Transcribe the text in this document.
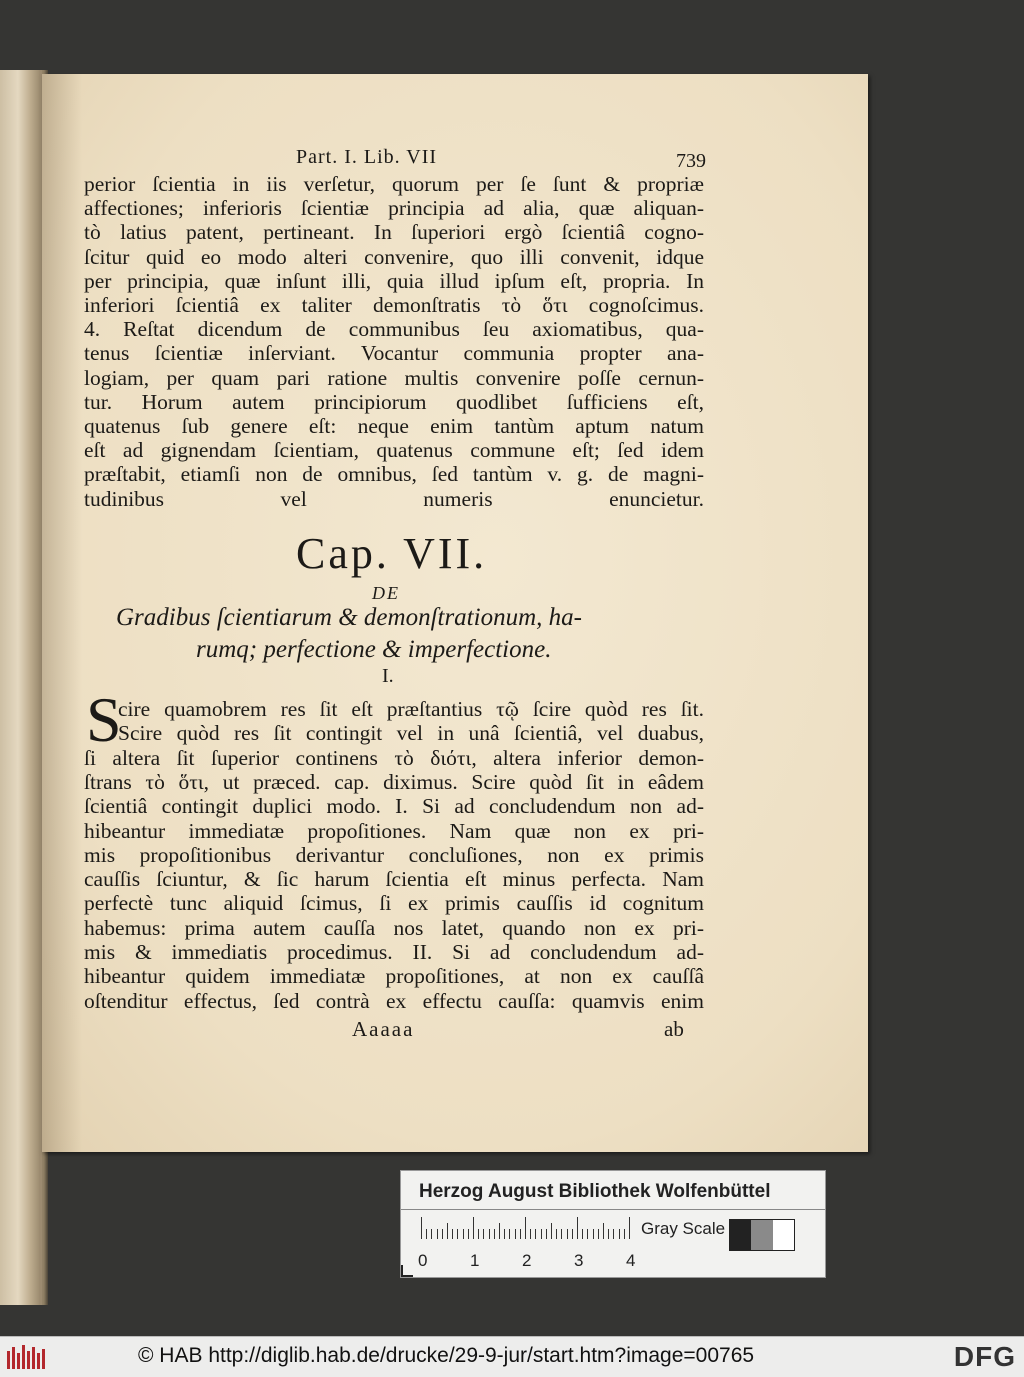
Part. I. Lib. VII	739
perior ſcientia in iis verſetur, quorum per ſe ſunt & propriæ
affectiones; inferioris ſcientiæ principia ad alia, quæ aliquan-
tò latius patent, pertineant. In ſuperiori ergò ſcientiâ cogno-
ſcitur quid eo modo alteri convenire, quo illi convenit, idque
per principia, quæ inſunt illi, quia illud ipſum eſt, propria. In
inferiori ſcientiâ ex taliter demonſtratis τὸ ὅτι cognoſcimus.
4. Reſtat dicendum de communibus ſeu axiomatibus, qua-
tenus ſcientiæ inſerviant. Vocantur communia propter ana-
logiam, per quam pari ratione multis convenire poſſe cernun-
tur. Horum autem principiorum quodlibet ſufficiens eſt,
quatenus ſub genere eſt: neque enim tantùm aptum natum
eſt ad gignendam ſcientiam, quatenus commune eſt; ſed idem
præſtabit, etiamſi non de omnibus, ſed tantùm v. g. de magni-
tudinibus vel numeris enuncietur.
Cap. VII.
DE
Gradibus ſcientiarum & demonſtrationum, ha-
rumq; perfectione & imperfectione.
I.
S
cire quamobrem res ſit eſt præſtantius τῷ ſcire quòd res ſit.
Scire quòd res ſit contingit vel in unâ ſcientiâ, vel duabus,
ſi altera ſit ſuperior continens τὸ διότι, altera inferior demon-
ſtrans τὸ ὅτι, ut præced. cap. diximus. Scire quòd ſit in eâdem
ſcientiâ contingit duplici modo. I. Si ad concludendum non ad-
hibeantur immediatæ propoſitiones. Nam quæ non ex pri-
mis propoſitionibus derivantur concluſiones, non ex primis
cauſſis ſciuntur, & ſic harum ſcientia eſt minus perfecta. Nam
perfectè tunc aliquid ſcimus, ſi ex primis cauſſis id cognitum
habemus: prima autem cauſſa nos latet, quando non ex pri-
mis & immediatis procedimus. II. Si ad concludendum ad-
hibeantur quidem immediatæ propoſitiones, at non ex cauſſâ
oſtenditur effectus, ſed contrà ex effectu cauſſa: quamvis enim
Aaaaa	ab
Herzog August Bibliothek Wolfenbüttel
0	1	2	3	4
Gray Scale
© HAB http://diglib.hab.de/drucke/29-9-jur/start.htm?image=00765	DFG
